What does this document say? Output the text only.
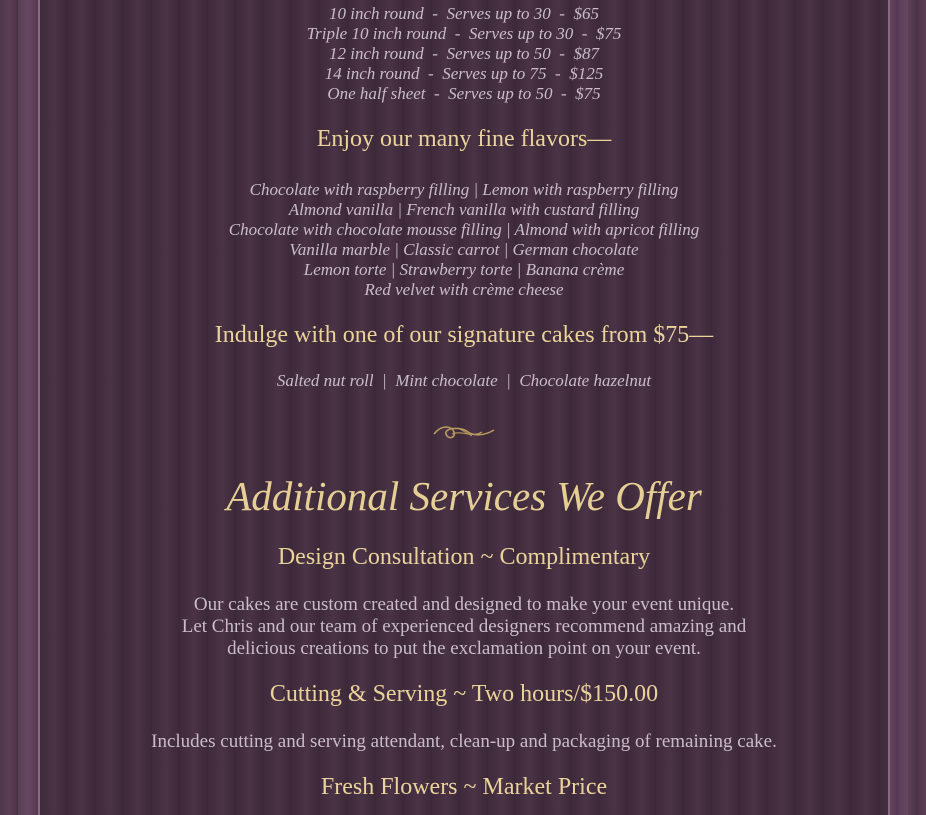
10 inch round  -  Serves up to 30  -  $65
Triple 10 inch round  -  Serves up to 30  -  $75
12 inch round  -  Serves up to 50  -  $87
14 inch round  -  Serves up to 75  -  $125
One half sheet  -  Serves up to 50  -  $75
Enjoy our many fine flavors—
Chocolate with raspberry filling | Lemon with raspberry filling
Almond vanilla | French vanilla with custard filling
Chocolate with chocolate mousse filling | Almond with apricot filling
Vanilla marble | Classic carrot | German chocolate
Lemon torte | Strawberry torte | Banana crème
Red velvet with crème cheese
Indulge with one of our signature cakes from $75—
Salted nut roll  |  Mint chocolate  |  Chocolate hazelnut
Additional Services We Offer
Design Consultation ~ Complimentary
Our cakes are custom created and designed to make your event unique.
Let Chris and our team of experienced designers recommend amazing and
delicious creations to put the exclamation point on your event.
Cutting & Serving ~ Two hours/$150.00
Includes cutting and serving attendant, clean-up and packaging of remaining cake.
Fresh Flowers ~ Market Price
